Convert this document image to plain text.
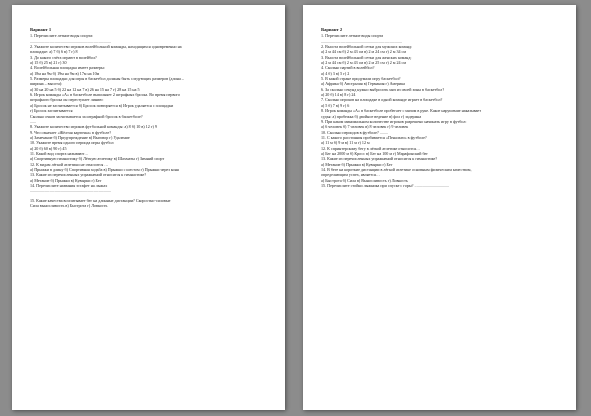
Вариант 1
1. Перечислите летние виды спорта:
...............................................................................
2. Укажите количество игроков волейбольной команды, находящихся одновременно на
площадке: а) 7 б) 6 в) 7 г) 8
3. До какого счёта играют в волейбол?
а) 15 б) 25 в) 21 г) 30
4. Волейбольная площадка имеет размеры:
а) 18м на 9м б) 19м на 9м в) 17м на 10м
5. Размеры площадки для игры в баскетбол должны быть следующих размеров (длина –
ширина – высота):
а) 30 на 20 на 5 б) 22 на 12 на 7 в) 26 на 15 на 7 г) 28 на 15 на 5
6. Игрок команды «А» в баскетболе выполняет 2 штрафных броска. Во время первого
штрафного броска он переступает линию:
а) Бросок не засчитывается б) Бросок повторяется в) Игрок удаляется с площадки
г) Бросок засчитывается
Сколько очков засчитывается за штрафной бросок в баскетболе?
......
8. Укажите количество игроков футбольной команды: а) 8 б) 10 в) 12 г) 9
9. Что означает «Жёлтая карточка» в футболе?
а) Замечание б) Предупреждение в) Выговор г) Удаление
10. Укажите время одного периода игры футбол
а) 20 б) 60 в) 90 г) 45
11. Какой вид спорта называют…
а) Спортивную гимнастику б) Лёгкую атлетику в) Шахматы г) Зимний спорт
12. К видам лёгкой атлетики не относится …
а) Прыжки в длину б) Спортивная ходьба в) Прыжки с шестом г) Прыжки через коня
13. Какие из перечисленных упражнений относятся к гимнастике?
а) Метание б) Прыжки в) Кувырки г) Бег
14. Перечислите названия эстафет на лыжах
...............................................................................
15. Какие качества воспитывает бег на длинные дистанции? Скоростно-силовые
Сила выносливость в) Быстрота г) Ловкость
Вариант 2
1. Перечислите летние виды спорта
...............................................................................
2. Высота волейбольной сетки для мужских команд:
а) 2 м 44 см б) 2 м 43 см в) 2 м 24 см г) 2 м 34 см
3. Высота волейбольной сетки для женских команд:
а) 2 м 44 см б) 2 м 43 см в) 2 м 25 см г) 2 м 24 см
4. Сколько партий в волейбол?
а) 4 б) 3 в) 5 г) 2
5. В какой стране придумали игру баскетбол?
а) Африка б) Австралия в) Германия г) Америка
6. За сколько секунд нужно выбросить мяч из своей зоны в баскетбол?
а) 20 б) 14 в) 8 г) 24
7. Сколько игроков на площадке в одной команде играет в баскетбол?
а) 5 б) 7 в) 9 г) 6
8. Игрок команды «А» в баскетболе пробегает с мячом в руке. Какое нарушение наказывает
судья: а) пробежка б) двойное ведение в) фол г) задержка
9. При каком минимальном количестве игроков разрешено начинать игру в футбол:
а) 6 человек б) 7 человек в) 8 человек г) 9 человек
10. Сколько периодов в футболе? ........
11. С какого расстояния пробивается «Пенальти» в футболе?
а) 11 м б) 9 м в) 11 м г) 12 м
12. К спринтерскому бегу в лёгкой атлетике относится…
а) Бег на 2000 м б) Кросс в) Бег на 100 м г) Марафонский бег
13. Какие из перечисленных упражнений относятся к гимнастике?
а) Метание б) Прыжки в) Кувырки г) Бег
14. В беге на короткие дистанции в лёгкой атлетике основным физическим качеством,
определяющим успех, является…
а) Быстрота б) Сила в) Выносливость г) Ловкость
15. Перечислите стойки лыжника при спуске с горы? ..................................
